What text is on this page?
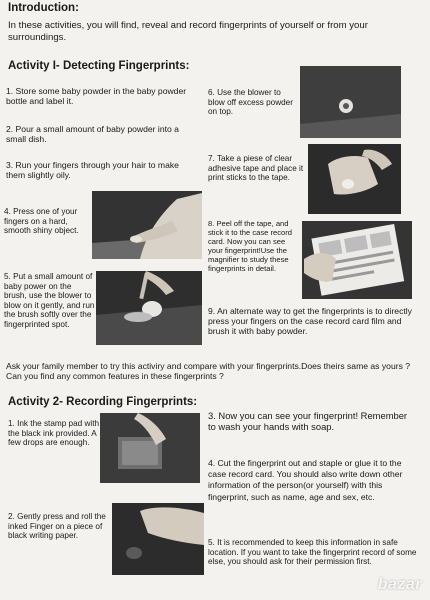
Introduction:
In these activities, you will find, reveal and record fingerprints of yourself or from your surroundings.
Activity I- Detecting Fingerprints:
1. Store some baby powder in the baby powder bottle and label it.
2. Pour a small amount of baby powder into a small dish.
3. Run your fingers through your hair to make them slightly oily.
4. Press one of your fingers on a hard, smooth shiny object.
5. Put a small amount of baby power on the brush, use the blower to blow on it gently, and run the brush softly over the fingerprinted spot.
6. Use the blower to blow off excess powder on top.
7. Take a piese of clear adhesive tape and place it print sticks to the tape.
8. Peel off the tape, and stick it to the case record card. Now you can see your fingerprint!Use the magnifier to study these fingerprints in detail.
9. An alternate way to get the fingerprints is to directly press your fingers on the case record card film and brush it with baby powder.
Ask your family member to try this activiry and compare with your fingerprints.Does theirs same as yours ?Can you find any common features in these fingerprints ?
Activity 2- Recording Fingerprints:
1. Ink the stamp pad with the black ink provided. A few drops are enough.
2. Gently press and roll the inked Finger on a piece of black writing paper.
3. Now you can see your fingerprint! Remember to wash your hands with soap.
4. Cut the fingerprint out and staple or glue it to the case record card. You should also write down other information of the person(or yourself) with this fingerprint, such as name, age and sex, etc.
5. It is recommended to keep this information in safe location. If you want to take the fingerprint record of some else, you should ask for their permission first.
bazar
